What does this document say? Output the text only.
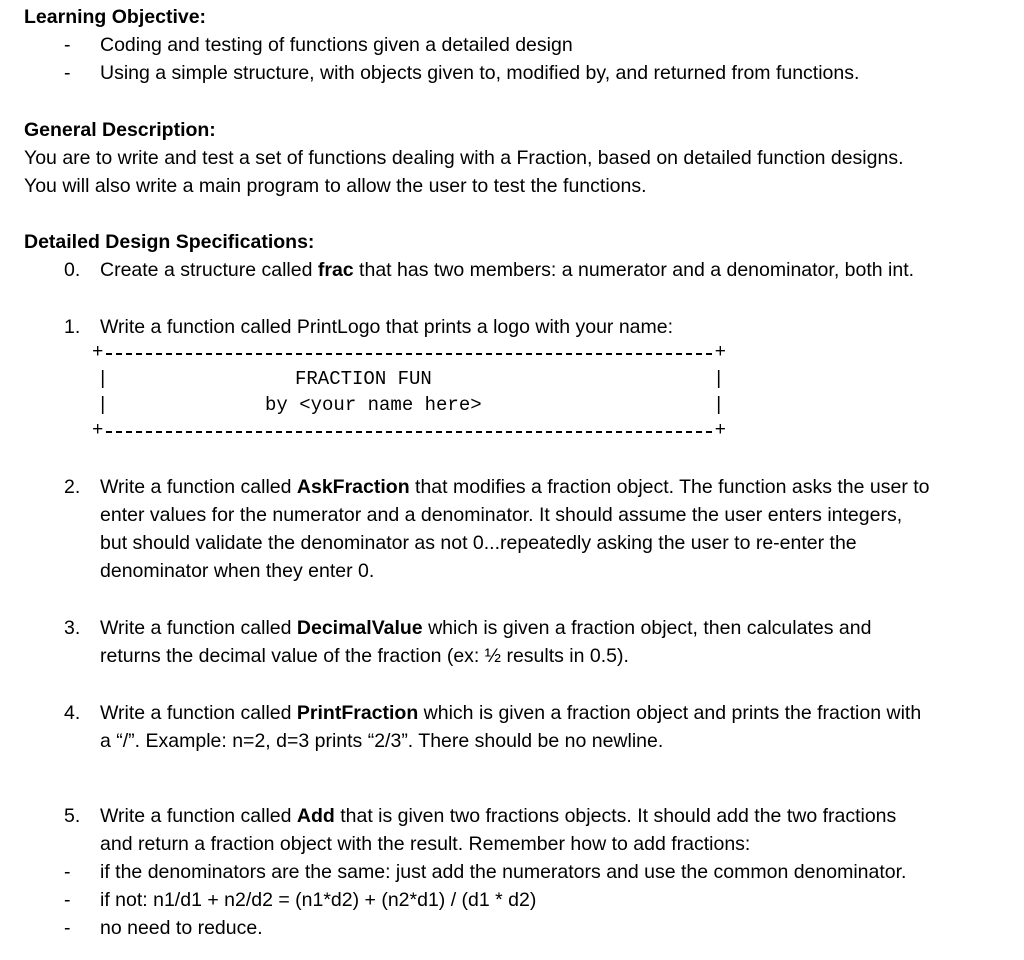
Learning Objective:
- Coding and testing of functions given a detailed design
- Using a simple structure, with objects given to, modified by, and returned from functions.
General Description:
You are to write and test a set of functions dealing with a Fraction, based on detailed function designs.
You will also write a main program to allow the user to test the functions.
Detailed Design Specifications:
0. Create a structure called frac that has two members: a numerator and a denominator, both int.
1. Write a function called PrintLogo that prints a logo with your name:
+	+
|	|
FRACTION FUN
|	|
by <your name here>
+	+
2. Write a function called AskFraction that modifies a fraction object. The function asks the user to
enter values for the numerator and a denominator. It should assume the user enters integers,
but should validate the denominator as not 0...repeatedly asking the user to re-enter the
denominator when they enter 0.
3. Write a function called DecimalValue which is given a fraction object, then calculates and
returns the decimal value of the fraction (ex: ½ results in 0.5).
4. Write a function called PrintFraction which is given a fraction object and prints the fraction with
a “/”. Example: n=2, d=3 prints “2/3”. There should be no newline.
5. Write a function called Add that is given two fractions objects. It should add the two fractions
and return a fraction object with the result. Remember how to add fractions:
- if the denominators are the same: just add the numerators and use the common denominator.
- if not: n1/d1 + n2/d2 = (n1*d2) + (n2*d1) / (d1 * d2)
- no need to reduce.
